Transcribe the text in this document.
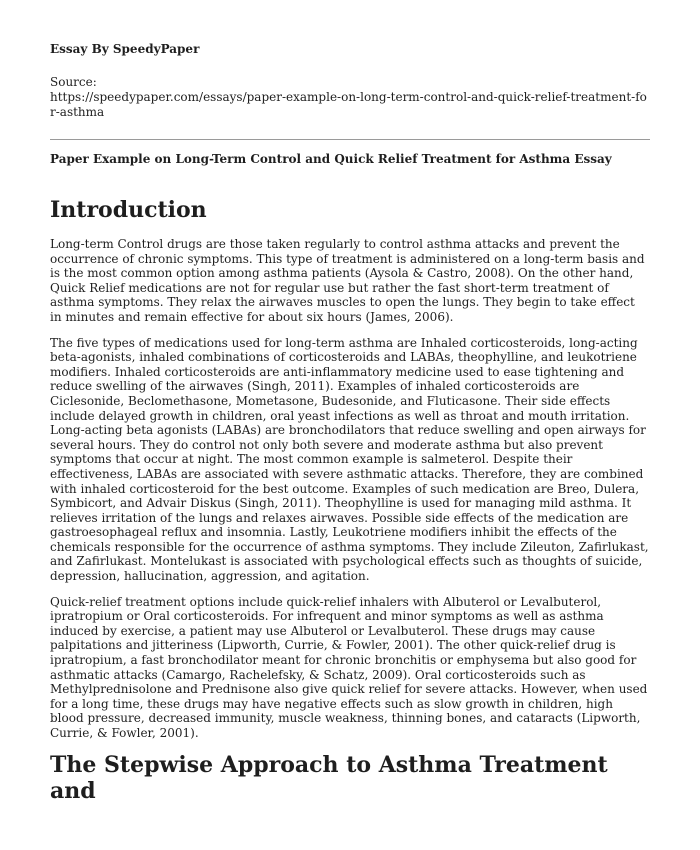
Essay By SpeedyPaper
Source:
https://speedypaper.com/essays/paper-example-on-long-term-control-and-quick-relief-treatment-for-asthma
Paper Example on Long-Term Control and Quick Relief Treatment for Asthma Essay
Introduction

Long-term Control drugs are those taken regularly to control asthma attacks and prevent the occurrence of chronic symptoms. This type of treatment is administered on a long-term basis and is the most common option among asthma patients (Aysola & Castro, 2008). On the other hand, Quick Relief medications are not for regular use but rather the fast short-term treatment of asthma symptoms. They relax the airwaves muscles to open the lungs. They begin to take effect in minutes and remain effective for about six hours (James, 2006).

The five types of medications used for long-term asthma are Inhaled corticosteroids, long-acting beta-agonists, inhaled combinations of corticosteroids and LABAs, theophylline, and leukotriene modifiers. Inhaled corticosteroids are anti-inflammatory medicine used to ease tightening and reduce swelling of the airwaves (Singh, 2011). Examples of inhaled corticosteroids are Ciclesonide, Beclomethasone, Mometasone, Budesonide, and Fluticasone. Their side effects include delayed growth in children, oral yeast infections as well as throat and mouth irritation. Long-acting beta agonists (LABAs) are bronchodilators that reduce swelling and open airways for several hours. They do control not only both severe and moderate asthma but also prevent symptoms that occur at night. The most common example is salmeterol. Despite their effectiveness, LABAs are associated with severe asthmatic attacks. Therefore, they are combined with inhaled corticosteroid for the best outcome. Examples of such medication are Breo, Dulera, Symbicort, and Advair Diskus (Singh, 2011). Theophylline is used for managing mild asthma. It relieves irritation of the lungs and relaxes airwaves. Possible side effects of the medication are gastroesophageal reflux and insomnia. Lastly, Leukotriene modifiers inhibit the effects of the chemicals responsible for the occurrence of asthma symptoms. They include Zileuton, Zafirlukast, and Zafirlukast. Montelukast is associated with psychological effects such as thoughts of suicide, depression, hallucination, aggression, and agitation.

Quick-relief treatment options include quick-relief inhalers with Albuterol or Levalbuterol, ipratropium or Oral corticosteroids. For infrequent and minor symptoms as well as asthma induced by exercise, a patient may use Albuterol or Levalbuterol. These drugs may cause palpitations and jitteriness (Lipworth, Currie, & Fowler, 2001). The other quick-relief drug is ipratropium, a fast bronchodilator meant for chronic bronchitis or emphysema but also good for asthmatic attacks (Camargo, Rachelefsky, & Schatz, 2009). Oral corticosteroids such as Methylprednisolone and Prednisone also give quick relief for severe attacks. However, when used for a long time, these drugs may have negative effects such as slow growth in children, high blood pressure, decreased immunity, muscle weakness, thinning bones, and cataracts (Lipworth, Currie, & Fowler, 2001).

The Stepwise Approach to Asthma Treatment and
